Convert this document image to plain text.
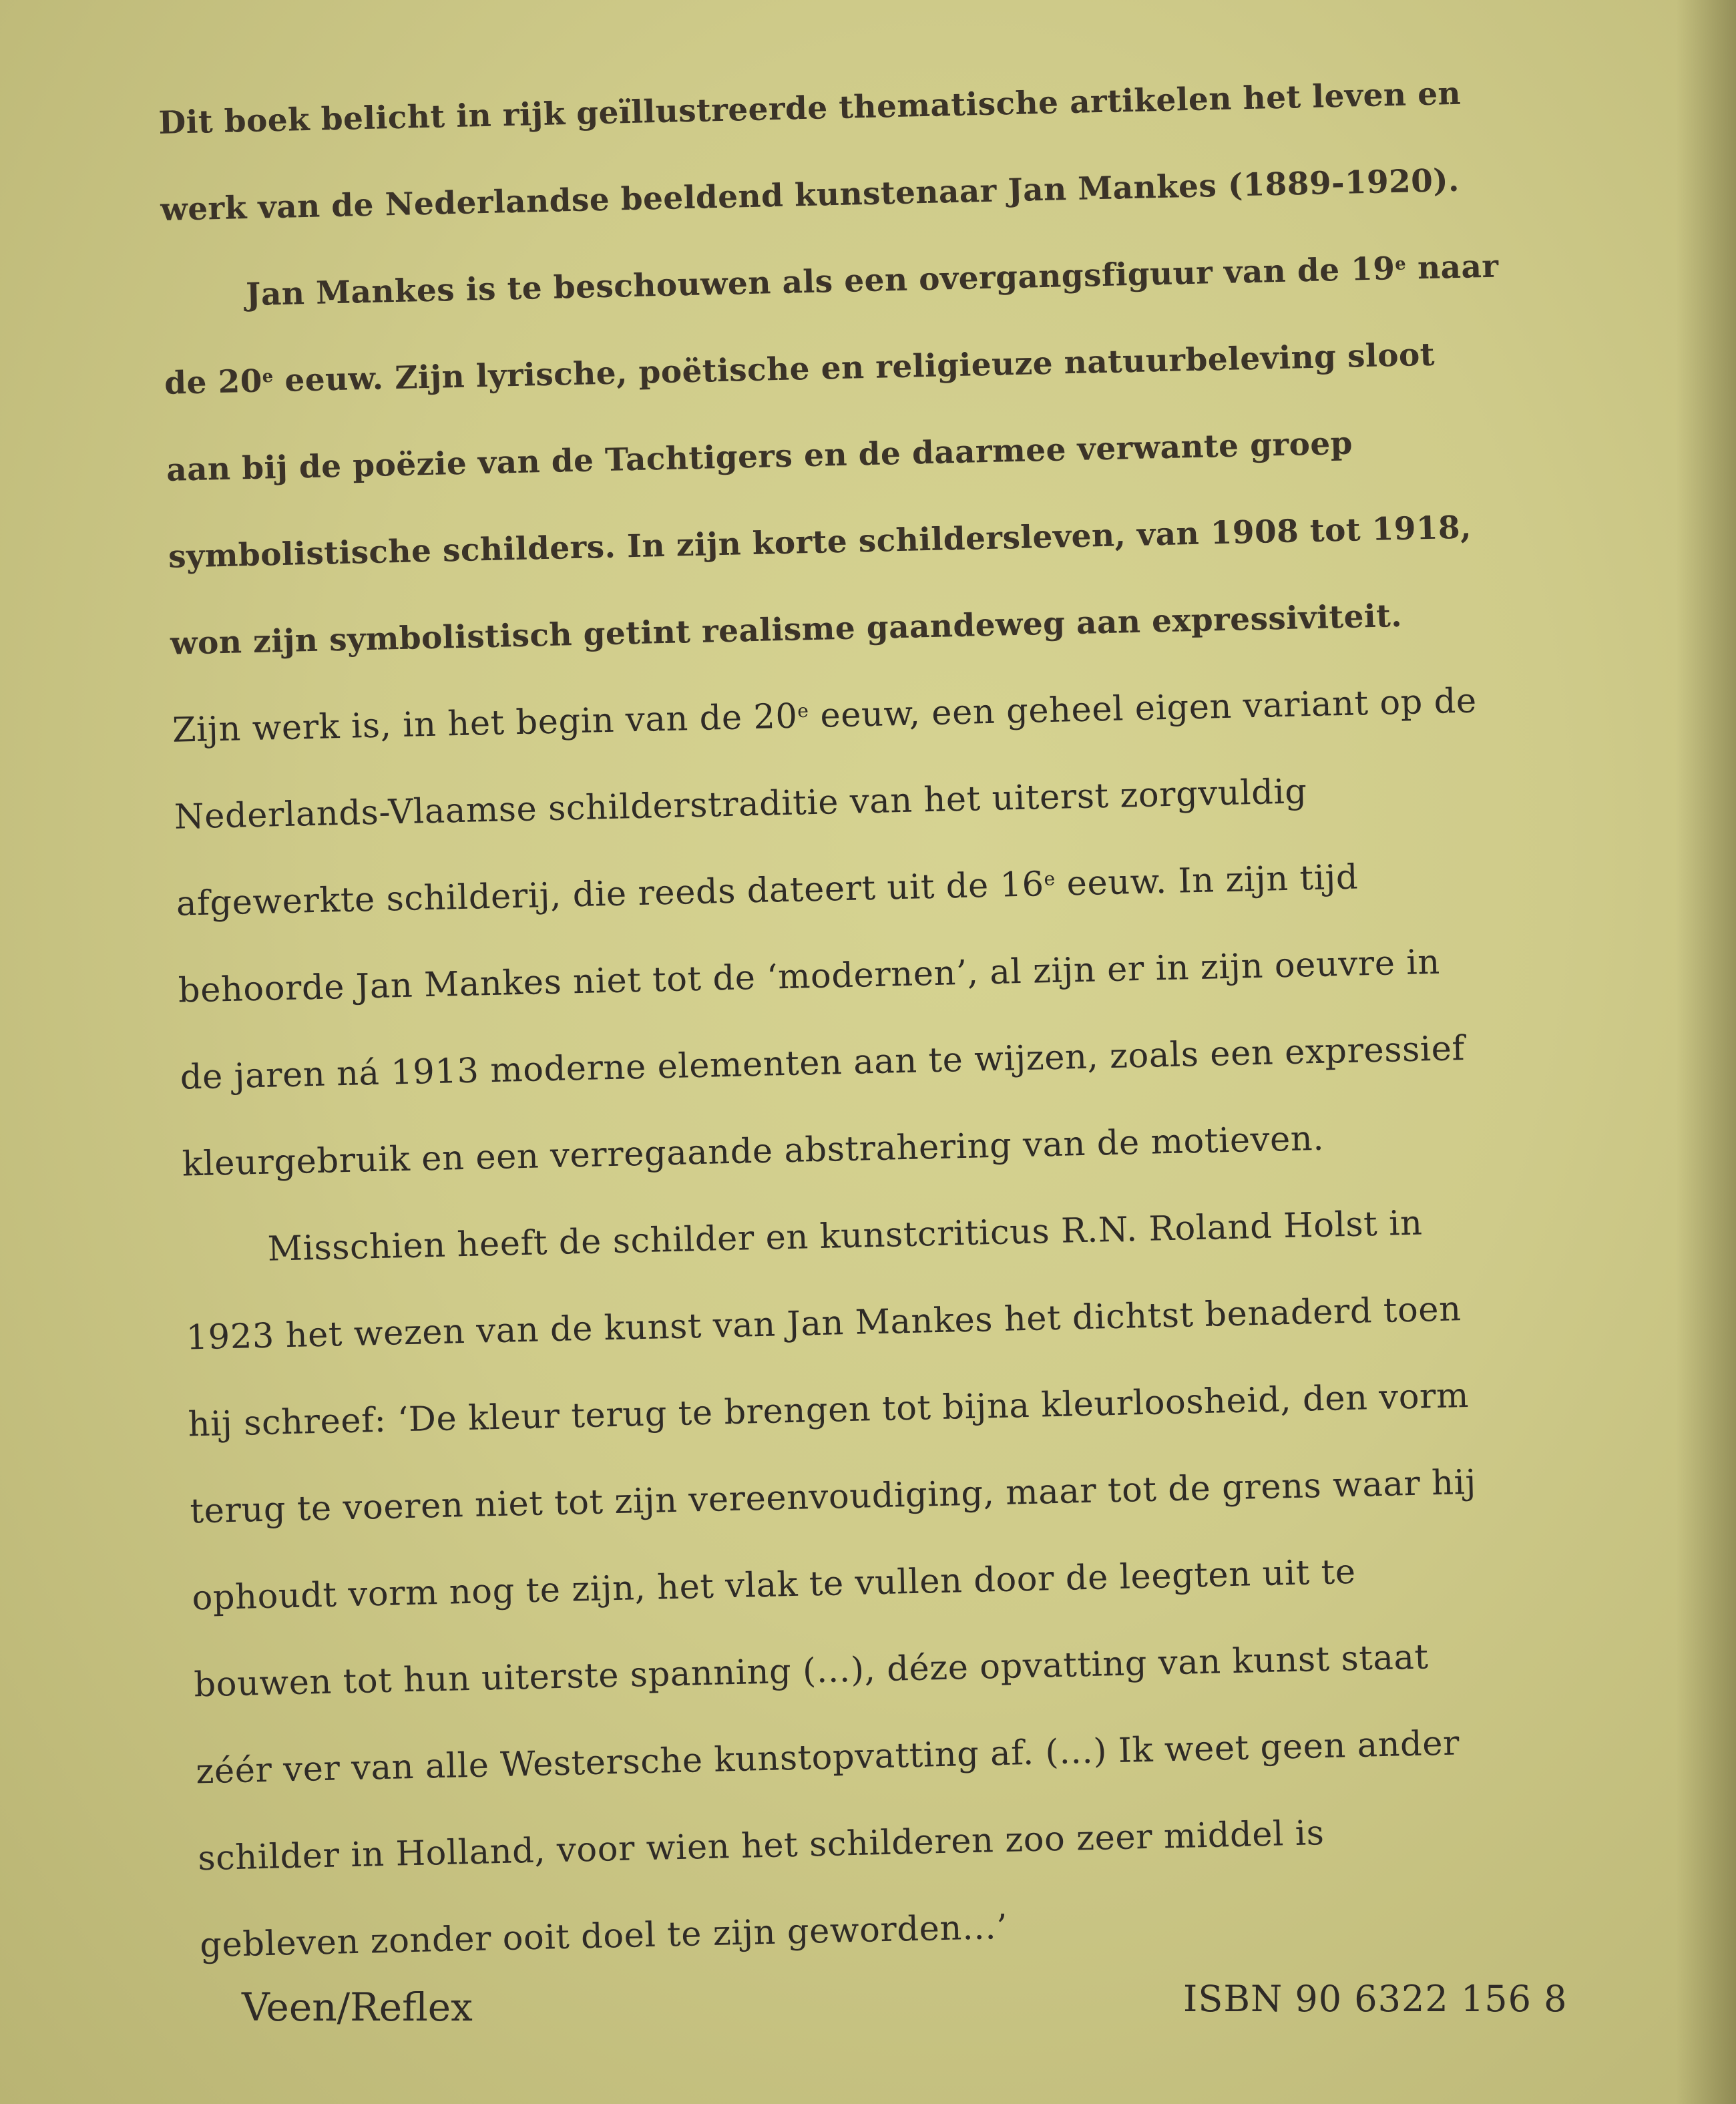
Dit boek belicht in rijk geïllustreerde thematische artikelen het leven en
werk van de Nederlandse beeldend kunstenaar Jan Mankes (1889-1920).
Jan Mankes is te beschouwen als een overgangsfiguur van de 19e naar
de 20e eeuw. Zijn lyrische, poëtische en religieuze natuurbeleving sloot
aan bij de poëzie van de Tachtigers en de daarmee verwante groep
symbolistische schilders. In zijn korte schildersleven, van 1908 tot 1918,
won zijn symbolistisch getint realisme gaandeweg aan expressiviteit.
Zijn werk is, in het begin van de 20e eeuw, een geheel eigen variant op de
Nederlands-Vlaamse schilderstraditie van het uiterst zorgvuldig
afgewerkte schilderij, die reeds dateert uit de 16e eeuw. In zijn tijd
behoorde Jan Mankes niet tot de ‘modernen’, al zijn er in zijn oeuvre in
de jaren ná 1913 moderne elementen aan te wijzen, zoals een expressief
kleurgebruik en een verregaande abstrahering van de motieven.
Misschien heeft de schilder en kunstcriticus R.N. Roland Holst in
1923 het wezen van de kunst van Jan Mankes het dichtst benaderd toen
hij schreef: ‘De kleur terug te brengen tot bijna kleurloosheid, den vorm
terug te voeren niet tot zijn vereenvoudiging, maar tot de grens waar hij
ophoudt vorm nog te zijn, het vlak te vullen door de leegten uit te
bouwen tot hun uiterste spanning (…), déze opvatting van kunst staat
zéér ver van alle Westersche kunstopvatting af. (…) Ik weet geen ander
schilder in Holland, voor wien het schilderen zoo zeer middel is
gebleven zonder ooit doel te zijn geworden…’
Veen/Reflex	ISBN 90 6322 156 8
